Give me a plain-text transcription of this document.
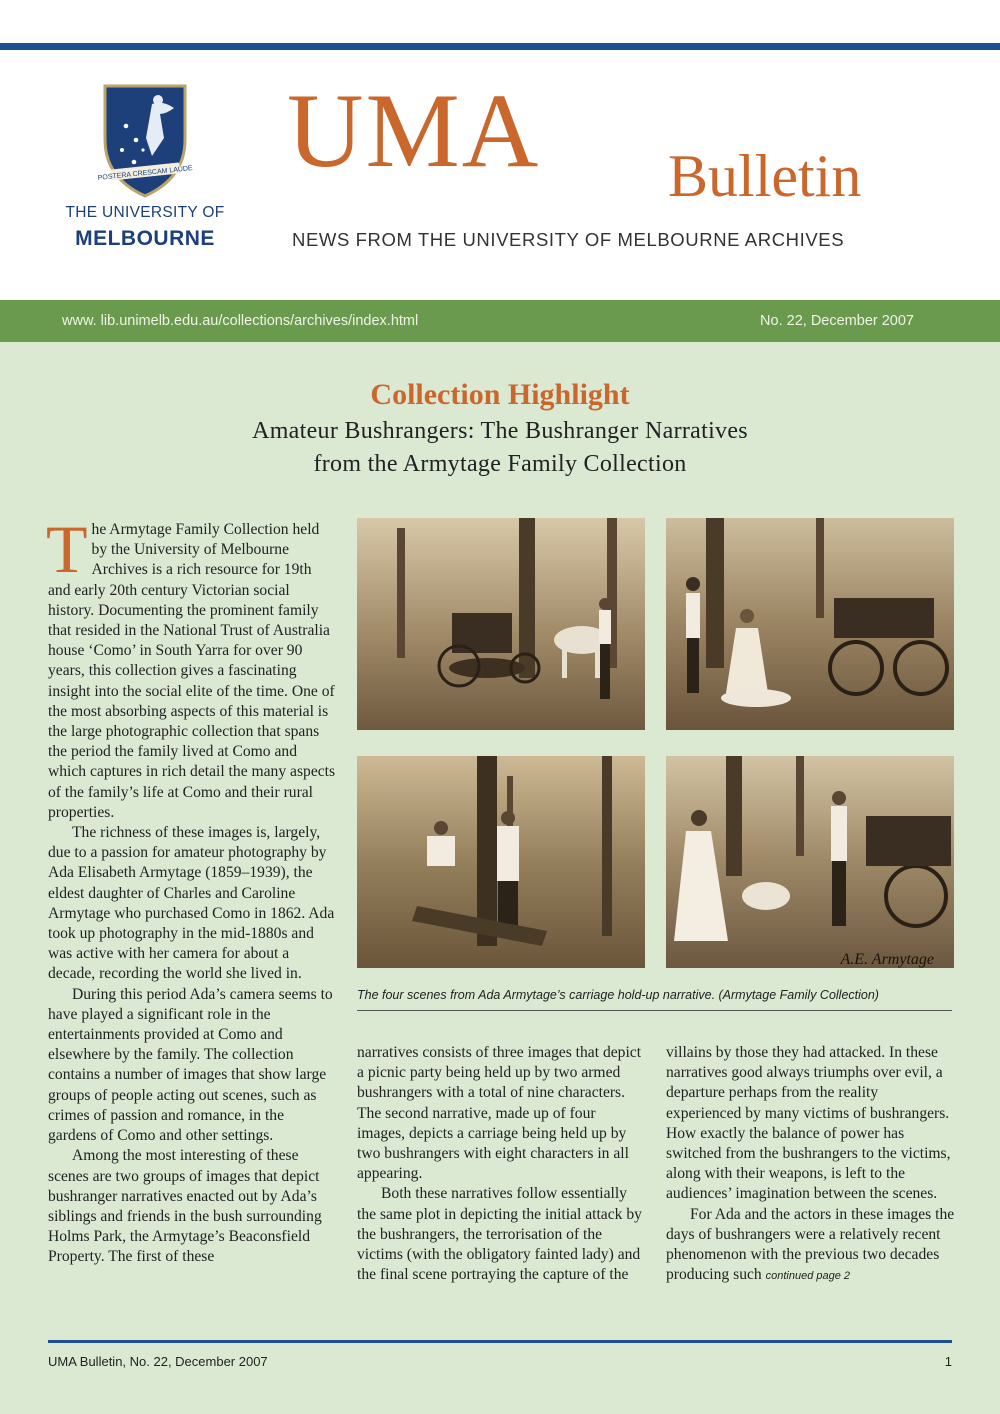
POSTERA CRESCAM LAUDE
THE UNIVERSITY OF
MELBOURNE
UMA Bulletin
NEWS FROM THE UNIVERSITY OF MELBOURNE ARCHIVES
www. lib.unimelb.edu.au/collections/archives/index.html	No. 22, December 2007
Collection Highlight
Amateur Bushrangers: The Bushranger Narratives
from the Armytage Family Collection

The Armytage Family Collection held by the University of Melbourne Archives is a rich resource for 19th and early 20th century Victorian social history. Documenting the prominent family that resided in the National Trust of Australia house ‘Como’ in South Yarra for over 90 years, this collection gives a fascinating insight into the social elite of the time. One of the most absorbing aspects of this material is the large photographic collection that spans the period the family lived at Como and which captures in rich detail the many aspects of the family’s life at Como and their rural properties.

The richness of these images is, largely, due to a passion for amateur photography by Ada Elisabeth Armytage (1859–1939), the eldest daughter of Charles and Caroline Armytage who purchased Como in 1862. Ada took up photography in the mid-1880s and was active with her camera for about a decade, recording the world she lived in.

During this period Ada’s camera seems to have played a significant role in the entertainments provided at Como and elsewhere by the family. The collection contains a number of images that show large groups of people acting out scenes, such as crimes of passion and romance, in the gardens of Como and other settings.

Among the most interesting of these scenes are two groups of images that depict bushranger narratives enacted out by Ada’s siblings and friends in the bush surrounding Holms Park, the Armytage’s Beaconsfield Property. The first of these

A.E. Armytage
The four scenes from Ada Armytage’s carriage hold-up narrative. (Armytage Family Collection)

narratives consists of three images that depict a picnic party being held up by two armed bushrangers with a total of nine characters. The second narrative, made up of four images, depicts a carriage being held up by two bushrangers with eight characters in all appearing.

Both these narratives follow essentially the same plot in depicting the initial attack by the bushrangers, the terrorisation of the victims (with the obligatory fainted lady) and the final scene portraying the capture of the

villains by those they had attacked. In these narratives good always triumphs over evil, a departure perhaps from the reality experienced by many victims of bushrangers. How exactly the balance of power has switched from the bushrangers to the victims, along with their weapons, is left to the audiences’ imagination between the scenes.

For Ada and the actors in these images the days of bushrangers were a relatively recent phenomenon with the previous two decades producing such continued page 2

UMA Bulletin, No. 22, December 2007	1
